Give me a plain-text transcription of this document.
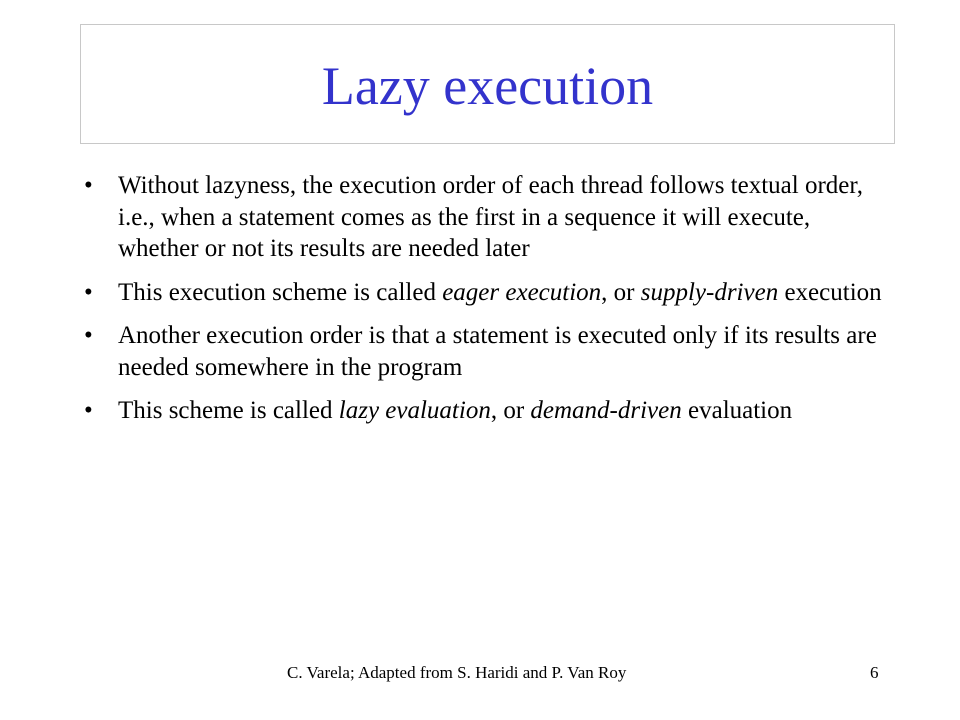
Lazy execution
• Without lazyness, the execution order of each thread follows textual order, i.e., when a statement comes as the first in a sequence it will execute, whether or not its results are needed later
• This execution scheme is called eager execution, or supply-driven execution
• Another execution order is that a statement is executed only if its results are needed somewhere in the program
• This scheme is called lazy evaluation, or demand-driven evaluation
C. Varela; Adapted from S. Haridi and P. Van Roy	6
